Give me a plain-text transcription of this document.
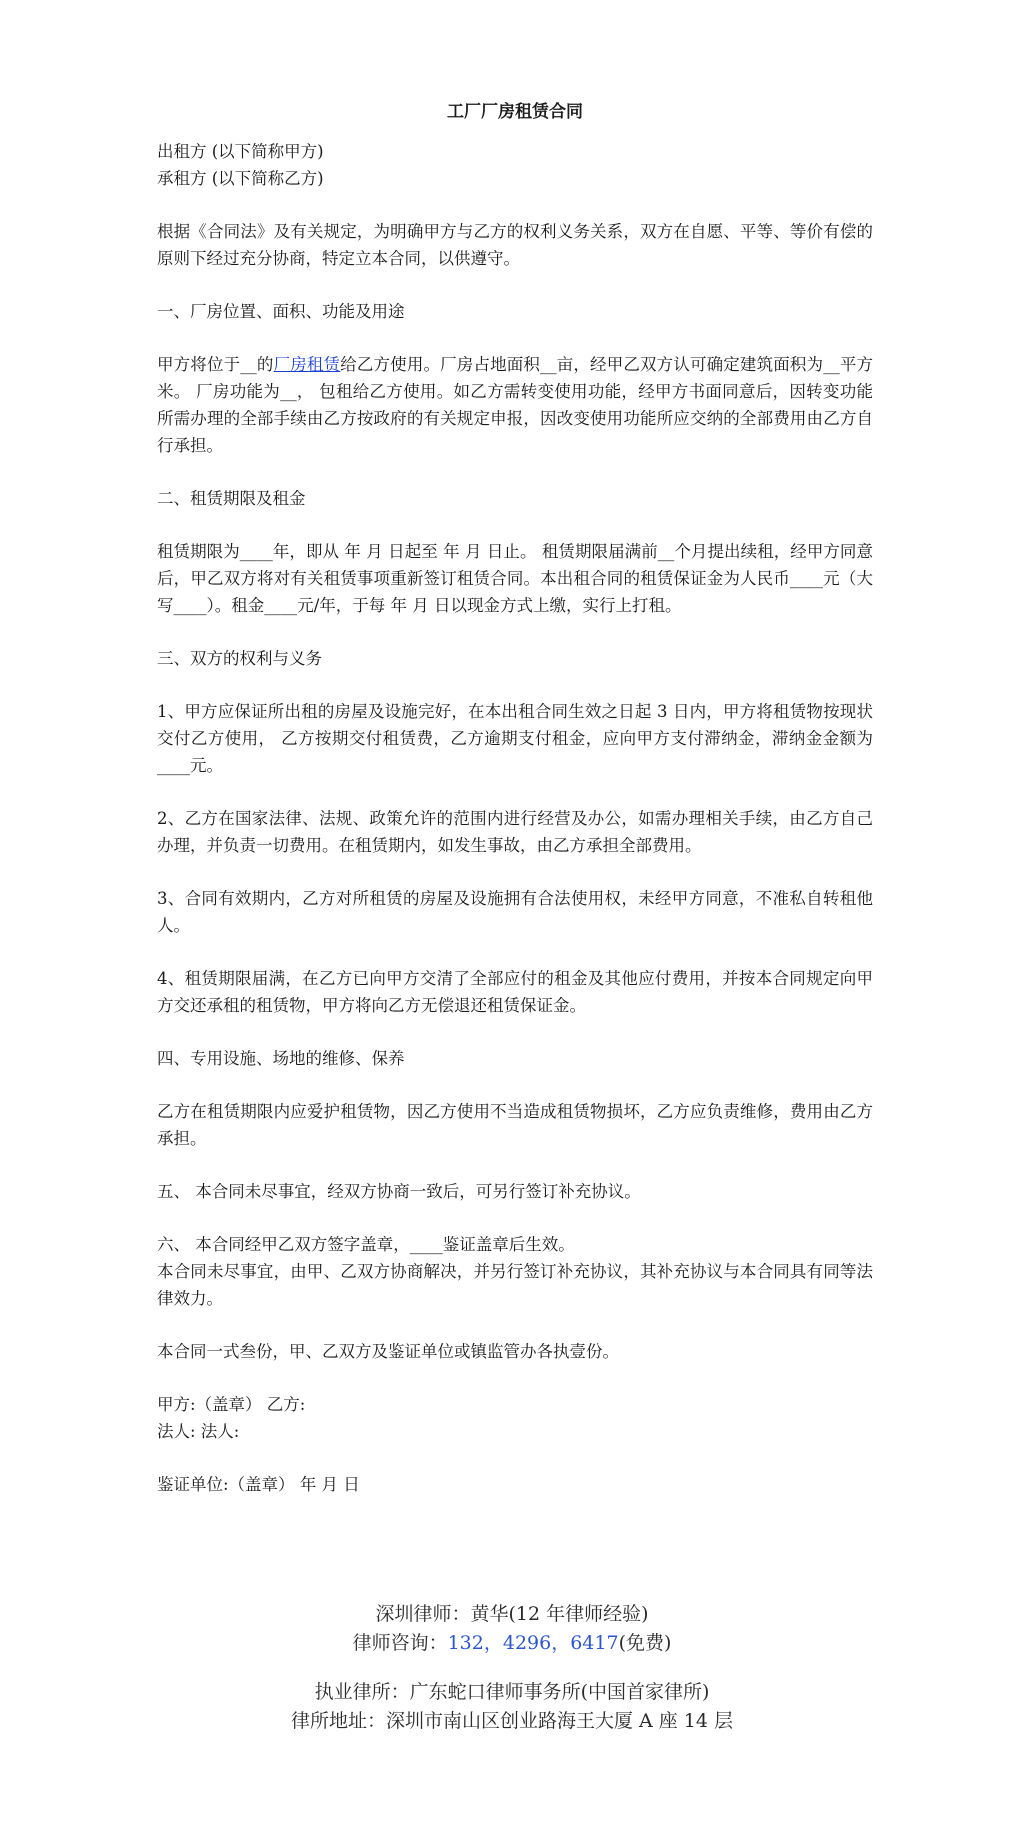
工厂厂房租赁合同
出租方 (以下简称甲方)
承租方 (以下简称乙方)
根据《合同法》及有关规定，为明确甲方与乙方的权利义务关系，双方在自愿、平等、等价有偿的原则下经过充分协商，特定立本合同，以供遵守。
一、厂房位置、面积、功能及用途
甲方将位于__的厂房租赁给乙方使用。厂房占地面积__亩，经甲乙双方认可确定建筑面积为__平方米。 厂房功能为__， 包租给乙方使用。如乙方需转变使用功能，经甲方书面同意后，因转变功能所需办理的全部手续由乙方按政府的有关规定申报，因改变使用功能所应交纳的全部费用由乙方自行承担。
二、租赁期限及租金
租赁期限为____年，即从 年 月 日起至 年 月 日止。 租赁期限届满前__个月提出续租，经甲方同意后，甲乙双方将对有关租赁事项重新签订租赁合同。本出租合同的租赁保证金为人民币____元（大写____）。租金____元/年，于每 年 月 日以现金方式上缴，实行上打租。
三、双方的权利与义务
1、甲方应保证所出租的房屋及设施完好，在本出租合同生效之日起 3 日内，甲方将租赁物按现状交付乙方使用， 乙方按期交付租赁费，乙方逾期支付租金，应向甲方支付滞纳金，滞纳金金额为____元。
2、乙方在国家法律、法规、政策允许的范围内进行经营及办公，如需办理相关手续，由乙方自己办理，并负责一切费用。在租赁期内，如发生事故，由乙方承担全部费用。
3、合同有效期内，乙方对所租赁的房屋及设施拥有合法使用权，未经甲方同意，不准私自转租他人。
4、租赁期限届满，在乙方已向甲方交清了全部应付的租金及其他应付费用，并按本合同规定向甲方交还承租的租赁物，甲方将向乙方无偿退还租赁保证金。
四、专用设施、场地的维修、保养
乙方在租赁期限内应爱护租赁物，因乙方使用不当造成租赁物损坏，乙方应负责维修，费用由乙方承担。
五、 本合同未尽事宜，经双方协商一致后，可另行签订补充协议。
六、 本合同经甲乙双方签字盖章，____鉴证盖章后生效。
本合同未尽事宜，由甲、乙双方协商解决，并另行签订补充协议，其补充协议与本合同具有同等法律效力。
本合同一式叁份，甲、乙双方及鉴证单位或镇监管办各执壹份。
甲方:（盖章） 乙方:
法人: 法人:
鉴证单位:（盖章） 年 月 日
深圳律师：黄华(12 年律师经验)
律师咨询：132，4296，6417(免费)
执业律所：广东蛇口律师事务所(中国首家律所)
律所地址：深圳市南山区创业路海王大厦 A 座 14 层
